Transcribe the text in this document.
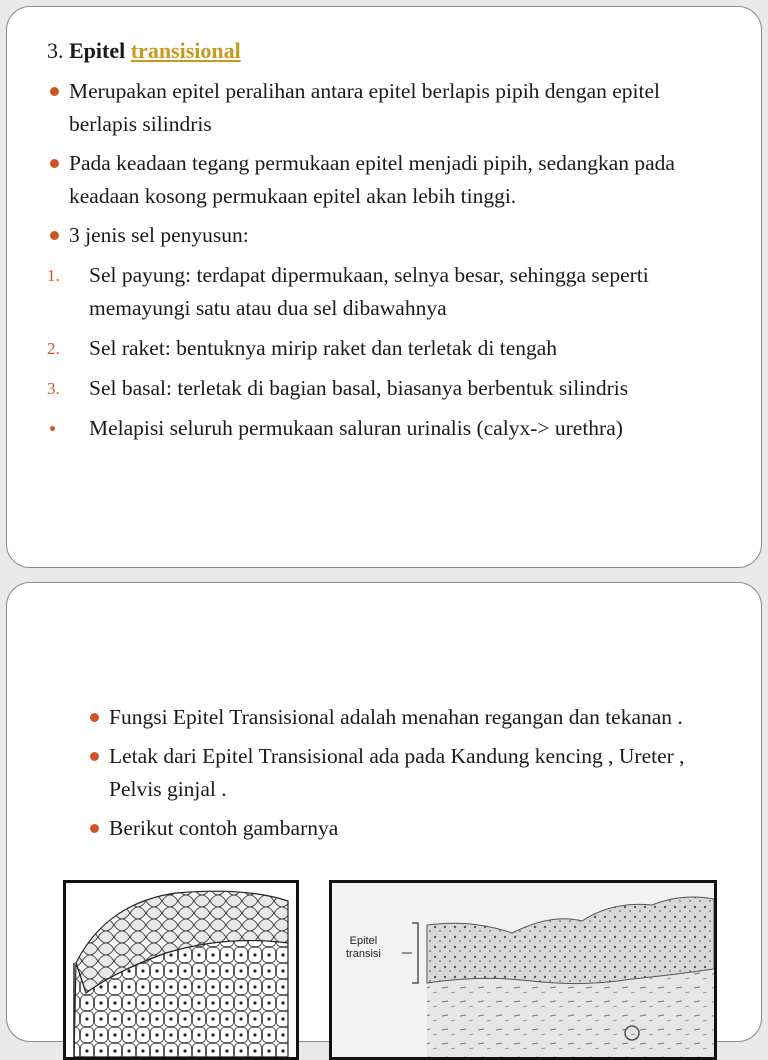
3. Epitel transisional
Merupakan epitel peralihan antara epitel berlapis pipih dengan epitel berlapis silindris
Pada keadaan tegang permukaan epitel menjadi pipih, sedangkan pada keadaan kosong permukaan epitel akan lebih tinggi.
3 jenis sel penyusun:
1. Sel payung: terdapat dipermukaan, selnya besar, sehingga seperti memayungi satu atau dua sel dibawahnya
2. Sel raket: bentuknya mirip raket dan terletak di tengah
3. Sel basal: terletak di bagian basal, biasanya berbentuk silindris
Melapisi seluruh permukaan saluran urinalis (calyx-> urethra)
Fungsi Epitel Transisional adalah menahan regangan dan tekanan .
Letak dari Epitel Transisional ada pada Kandung kencing , Ureter , Pelvis ginjal .
Berikut contoh gambarnya
Epitel
transisi
